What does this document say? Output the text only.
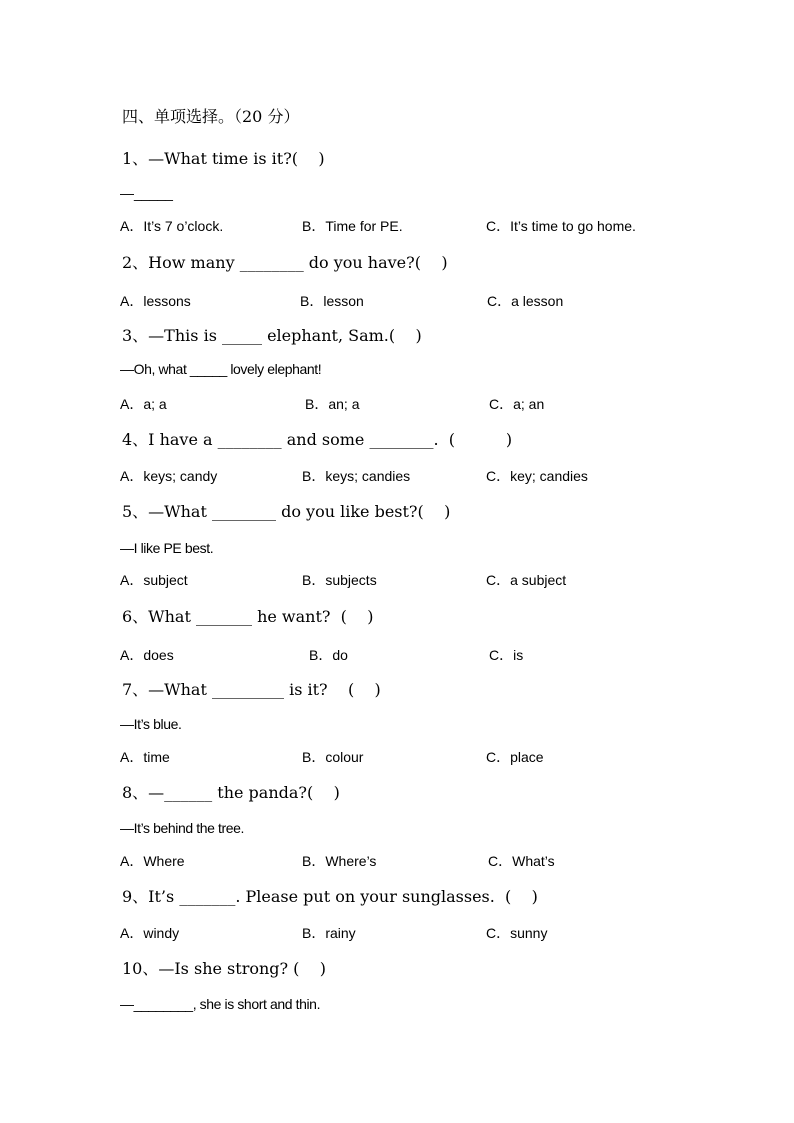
四、单项选择。（20 分）
1、—What time is it?(    )
—_____
A．It’s 7 o’clock.	B．Time for PE.	C．It’s time to go home.
2、How many ________ do you have?(    )
A．lessons	B．lesson	C．a lesson
3、—This is _____ elephant, Sam.(    )
—Oh, what _____ lovely elephant!
A．a; a	B．an; a	C．a; an
4、I have a ________ and some ________.  (          )
A．keys; candy	B．keys; candies	C．key; candies
5、—What ________ do you like best?(    )
—I like PE best.
A．subject	B．subjects	C．a subject
6、What _______ he want?  (    )
A．does	B．do	C．is
7、—What _________ is it?    (    )
—It’s blue.
A．time	B．colour	C．place
8、—______ the panda?(    )
—It’s behind the tree.
A．Where	B．Where’s	C．What’s
9、It’s _______. Please put on your sunglasses.  (    )
A．windy	B．rainy	C．sunny
10、—Is she strong? (    )
—________, she is short and thin.
